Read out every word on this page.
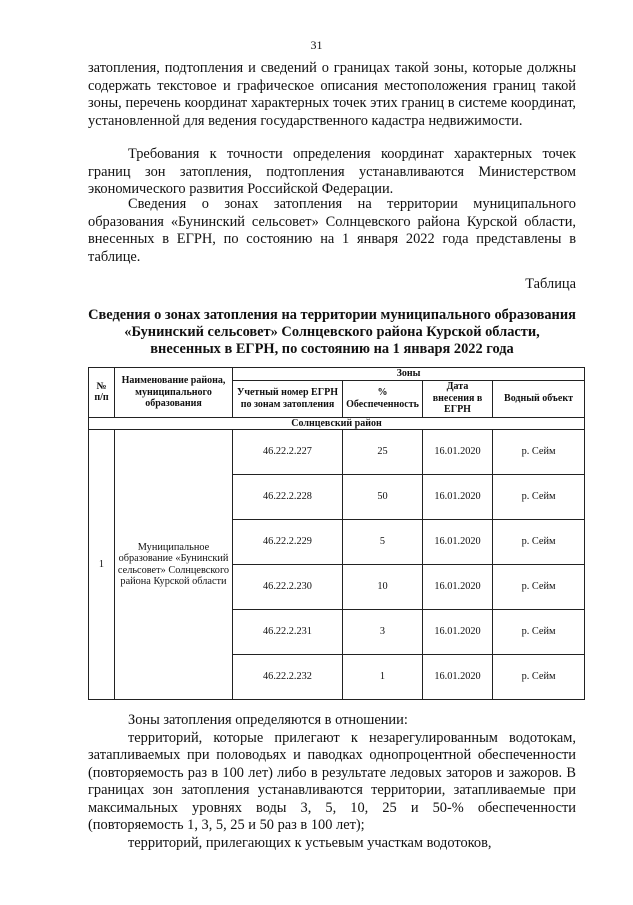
31

затопления, подтопления и сведений о границах такой зоны, которые должны содержать текстовое и графическое описания местоположения границ такой зоны, перечень координат характерных точек этих границ в системе координат, установленной для ведения государственного кадастра недвижимости.

Требования к точности определения координат характерных точек границ зон затопления, подтопления устанавливаются Министерством экономического развития Российской Федерации.

Сведения о зонах затопления на территории муниципального образования «Бунинский сельсовет» Солнцевского района Курской области, внесенных в ЕГРН, по состоянию на 1 января 2022 года представлены в таблице.

Таблица
Сведения о зонах затопления на территории муниципального образования «Бунинский сельсовет» Солнцевского района Курской области, внесенных в ЕГРН, по состоянию на 1 января 2022 года
№ п/п	Наименование района, муниципального образования	Зоны			
		Учетный номер ЕГРН по зонам затопления	% Обеспеченность	Дата внесения в ЕГРН	Водный объект
Солнцевский район					
1	Муниципальное образование «Бунинский сельсовет» Солнцевского района Курской области	46.22.2.227	25	16.01.2020	р. Сейм
		46.22.2.228	50	16.01.2020	р. Сейм
		46.22.2.229	5	16.01.2020	р. Сейм
		46.22.2.230	10	16.01.2020	р. Сейм
		46.22.2.231	3	16.01.2020	р. Сейм
		46.22.2.232	1	16.01.2020	р. Сейм

Зоны затопления определяются в отношении:

территорий, которые прилегают к незарегулированным водотокам, затапливаемых при половодьях и паводках однопроцентной обеспеченности (повторяемость раз в 100 лет) либо в результате ледовых заторов и зажоров. В границах зон затопления устанавливаются территории, затапливаемые при максимальных уровнях воды 3, 5, 10, 25 и 50-% обеспеченности (повторяемость 1, 3, 5, 25 и 50 раз в 100 лет);

территорий, прилегающих к устьевым участкам водотоков,
